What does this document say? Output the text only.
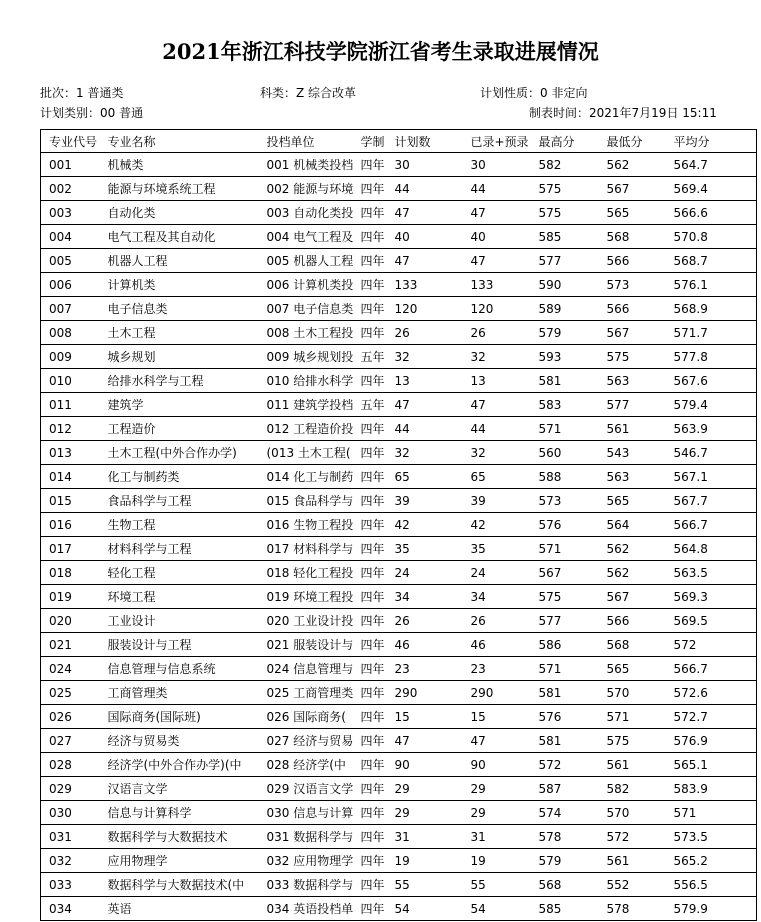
2021年浙江科技学院浙江省考生录取进展情况
批次：1 普通类	科类：Z 综合改革	计划性质：0 非定向
计划类别：00 普通	制表时间：2021年7月19日 15:11
专业代号	专业名称	投档单位	学制	计划数	已录+预录	最高分	最低分	平均分
001	机械类	001 机械类投档	四年	30	30	582	562	564.7
002	能源与环境系统工程	002 能源与环境	四年	44	44	575	567	569.4
003	自动化类	003 自动化类投	四年	47	47	575	565	566.6
004	电气工程及其自动化	004 电气工程及	四年	40	40	585	568	570.8
005	机器人工程	005 机器人工程	四年	47	47	577	566	568.7
006	计算机类	006 计算机类投	四年	133	133	590	573	576.1
007	电子信息类	007 电子信息类	四年	120	120	589	566	568.9
008	土木工程	008 土木工程投	四年	26	26	579	567	571.7
009	城乡规划	009 城乡规划投	五年	32	32	593	575	577.8
010	给排水科学与工程	010 给排水科学	四年	13	13	581	563	567.6
011	建筑学	011 建筑学投档	五年	47	47	583	577	579.4
012	工程造价	012 工程造价投	四年	44	44	571	561	563.9
013	土木工程(中外合作办学)	(013 土木工程(	四年	32	32	560	543	546.7
014	化工与制药类	014 化工与制药	四年	65	65	588	563	567.1
015	食品科学与工程	015 食品科学与	四年	39	39	573	565	567.7
016	生物工程	016 生物工程投	四年	42	42	576	564	566.7
017	材料科学与工程	017 材料科学与	四年	35	35	571	562	564.8
018	轻化工程	018 轻化工程投	四年	24	24	567	562	563.5
019	环境工程	019 环境工程投	四年	34	34	575	567	569.3
020	工业设计	020 工业设计投	四年	26	26	577	566	569.5
021	服装设计与工程	021 服装设计与	四年	46	46	586	568	572
024	信息管理与信息系统	024 信息管理与	四年	23	23	571	565	566.7
025	工商管理类	025 工商管理类	四年	290	290	581	570	572.6
026	国际商务(国际班)	026 国际商务(	四年	15	15	576	571	572.7
027	经济与贸易类	027 经济与贸易	四年	47	47	581	575	576.9
028	经济学(中外合作办学)(中	028 经济学(中	四年	90	90	572	561	565.1
029	汉语言文学	029 汉语言文学	四年	29	29	587	582	583.9
030	信息与计算科学	030 信息与计算	四年	29	29	574	570	571
031	数据科学与大数据技术	031 数据科学与	四年	31	31	578	572	573.5
032	应用物理学	032 应用物理学	四年	19	19	579	561	565.2
033	数据科学与大数据技术(中	033 数据科学与	四年	55	55	568	552	556.5
034	英语	034 英语投档单	四年	54	54	585	578	579.9
